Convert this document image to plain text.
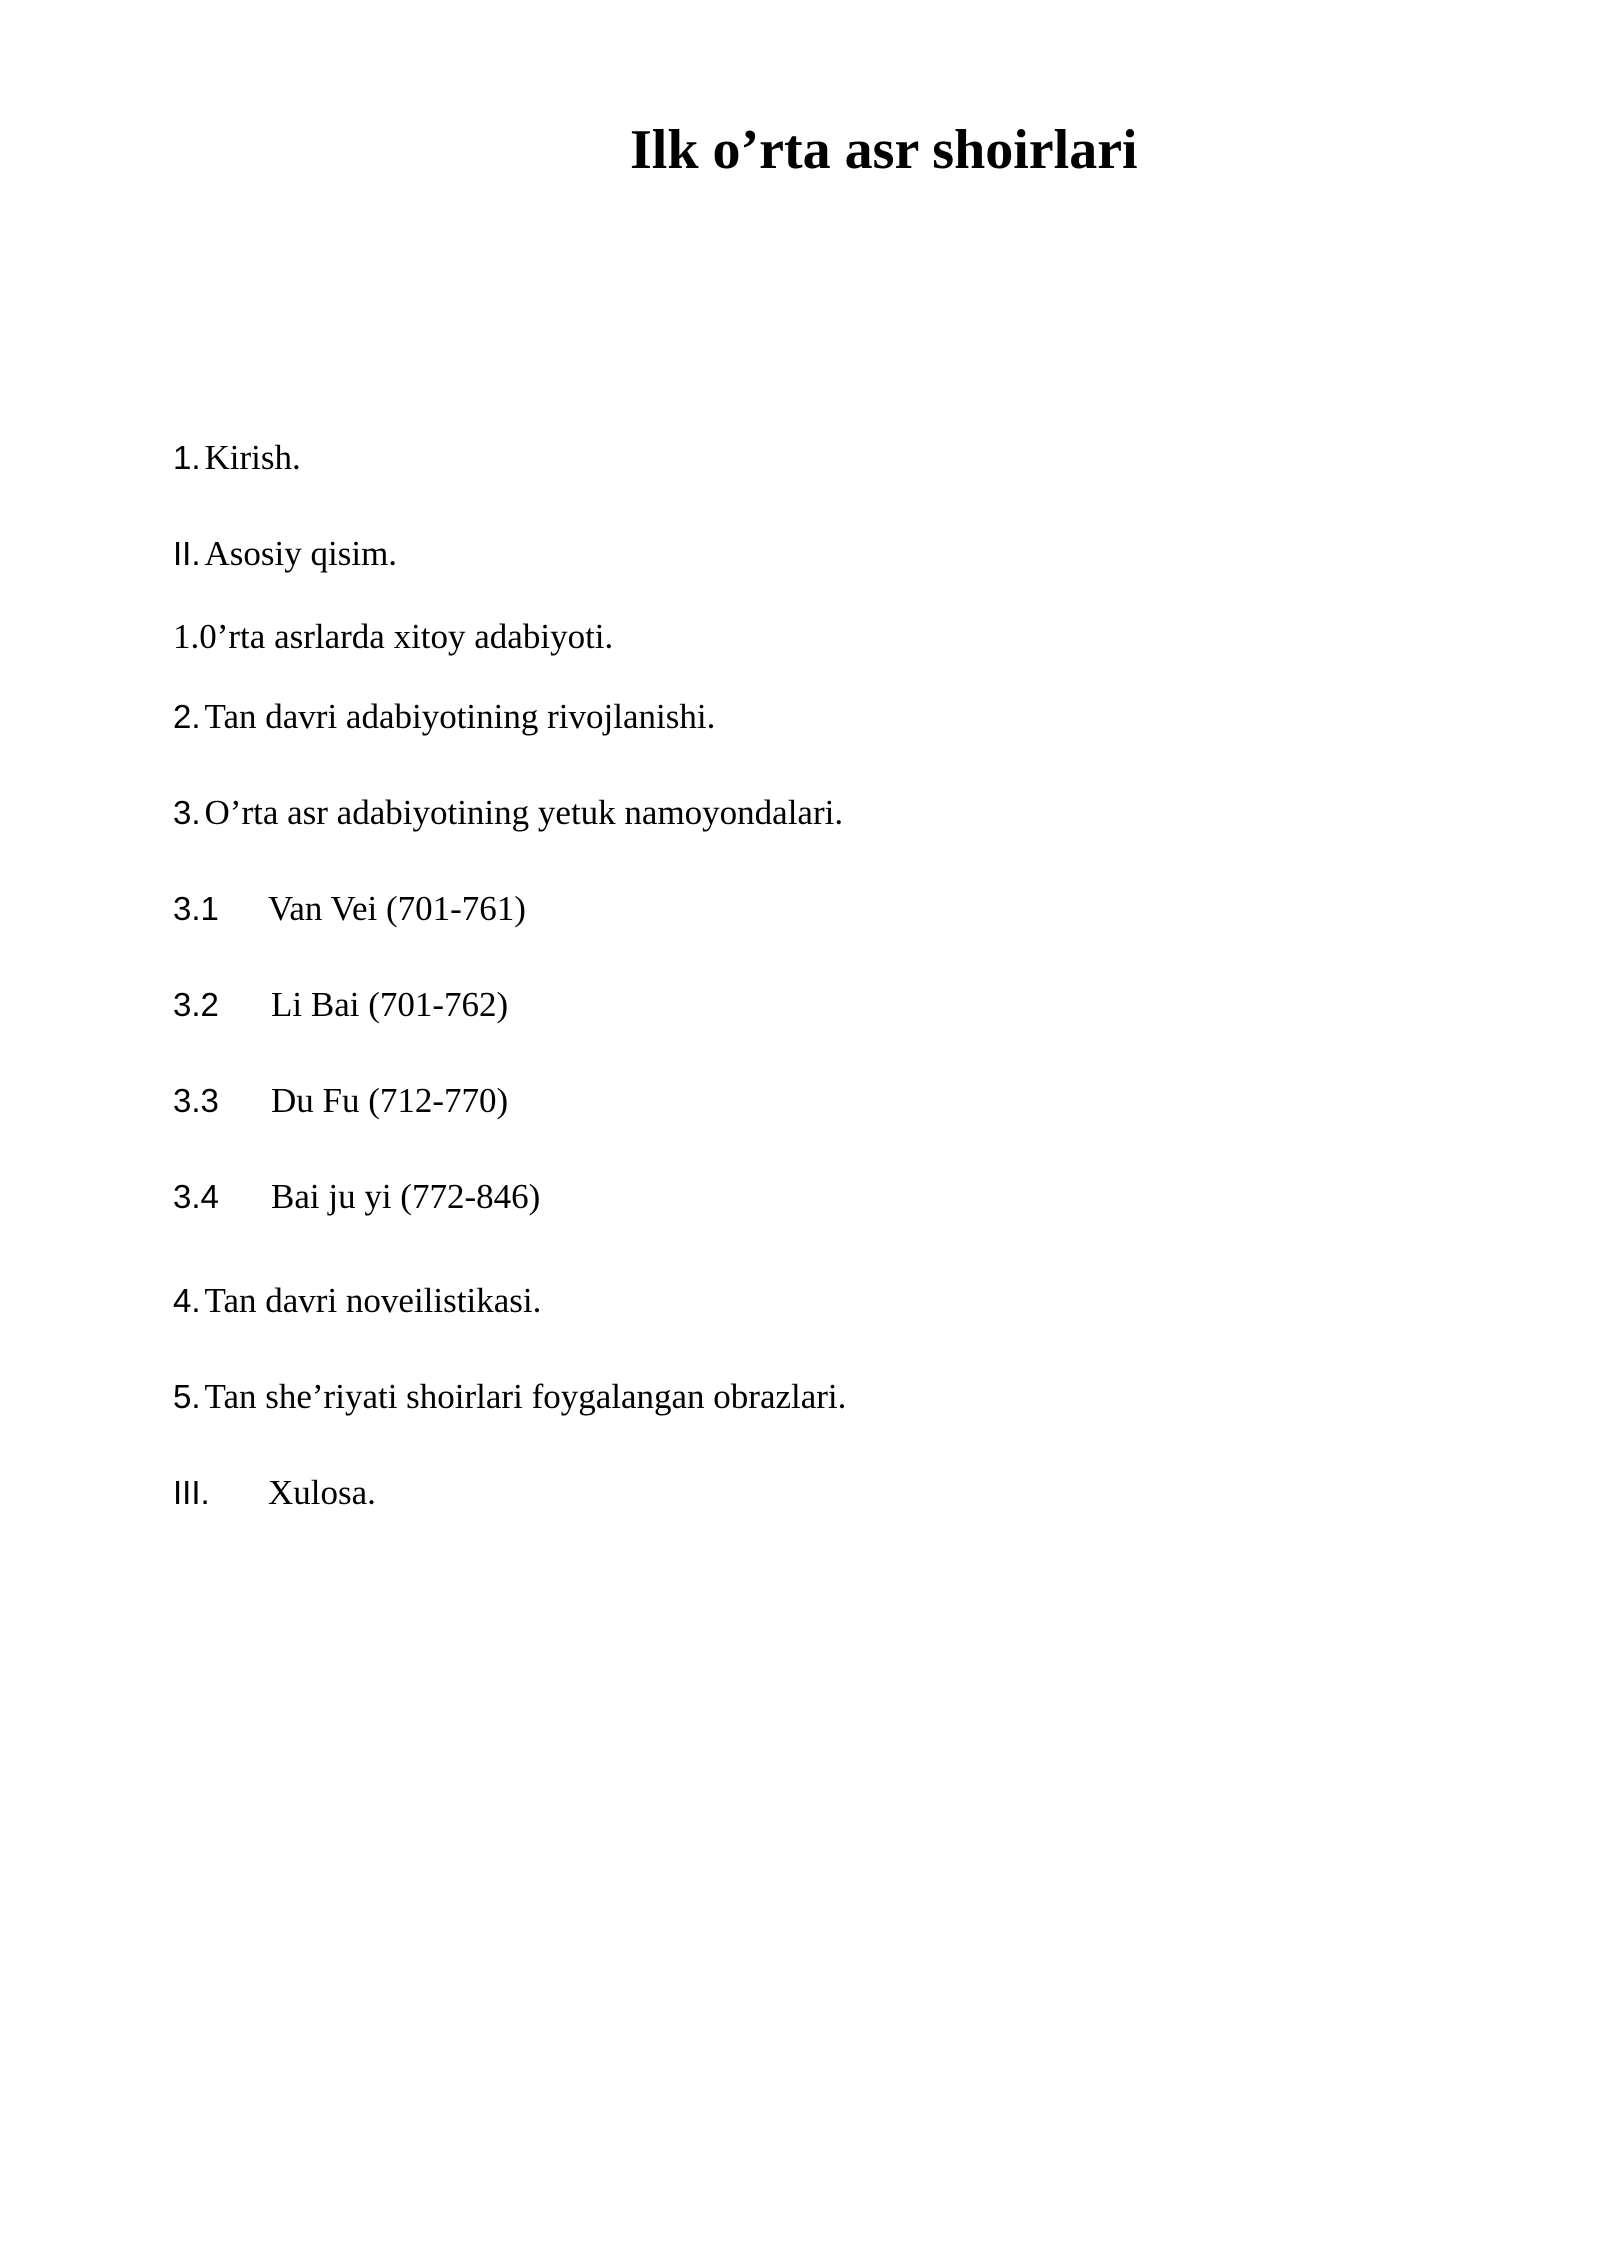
Ilk o’rta asr shoirlari
1. Kirish.
II. Asosiy qisim.
1.0’rta asrlarda xitoy adabiyoti.
2. Tan davri adabiyotining rivojlanishi.
3. O’rta asr adabiyotining yetuk namoyondalari.
3.1 Van Vei (701-761)
3.2 Li Bai (701-762)
3.3 Du Fu (712-770)
3.4 Bai ju yi (772-846)
4. Tan davri noveilistikasi.
5. Tan she’riyati shoirlari foygalangan obrazlari.
III. Xulosa.
